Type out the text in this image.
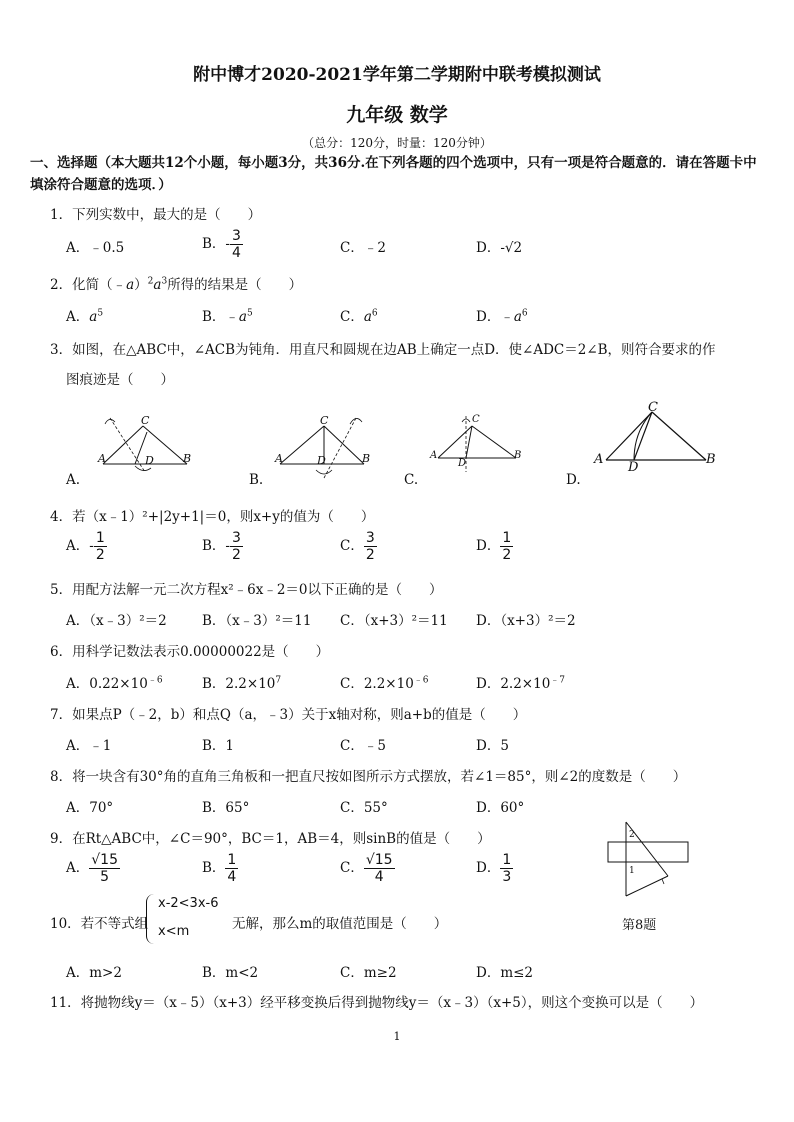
附中博才2020-2021学年第二学期附中联考模拟测试
九年级 数学
（总分：120分，时量：120分钟）
一、选择题（本大题共12个小题，每小题3分，共36分.在下列各题的四个选项中，只有一项是符合题意的．请在答题卡中填涂符合题意的选项．）
1．下列实数中，最大的是（　　）
A．﹣0.5	B．- $\frac{3}{4}$	C．﹣2	D．-√2
2．化简$(﹣a)^2a^3$所得的结果是（　　）
A．$a^5$	B．$﹣a^5$	C．$a^6$	D．$﹣a^6$
3．如图，在△ABC中，∠ACB为钝角．用直尺和圆规在边AB上确定一点D．使∠ADC＝2∠B，则符合要求的作
图痕迹是（　　）
A
C
B
D
A.
A
C
B
D
B.
A
C
B
D
C.
A
C
B
D
D.
4．若（x﹣1）²+|2y+1|＝0，则x+y的值为（　　）
A．- $\frac{1}{2}$	B．- $\frac{3}{2}$	C． $\frac{3}{2}$	D． $\frac{1}{2}$
5．用配方法解一元二次方程x²﹣6x﹣2＝0以下正确的是（　　）
A．（x﹣3）²＝2	B．（x﹣3）²＝11 C．（x+3）²＝11 D．（x+3）²＝2
6．用科学记数法表示0.00000022是（　　）
A．$0.22\times 10^{﹣6}$	B．$2.2\times 10^7$	C．$2.2\times 10^{﹣6}$	D．$2.2\times 10^{﹣7}$
7．如果点P（﹣2，b）和点Q（a，﹣3）关于x轴对称，则a+b的值是（　　）
A．﹣1	B．1	C．﹣5	D．5
8．将一块含有30°角的直角三角板和一把直尺按如图所示方式摆放，若∠1＝85°，则∠2的度数是（　　）
A．70°	B．65°	C．55°	D．60°
2
1
第8题
9．在Rt△ABC中，∠C＝90°，BC＝1，AB＝4，则sinB的值是（　　）
A． $\frac{√15}{5}$	B． $\frac{1}{4}$	C． $\frac{√15}{4}$	D． $\frac{1}{3}$
10．若不等式组
x-2<3x-6
x<m	无解，那么m的取值范围是（　　）
A．m>2	B．m<2	C．m≥2	D．m≤2
11．将抛物线y＝（x﹣5）（x+3）经平移变换后得到抛物线y＝（x﹣3）（x+5），则这个变换可以是（　　）
1
